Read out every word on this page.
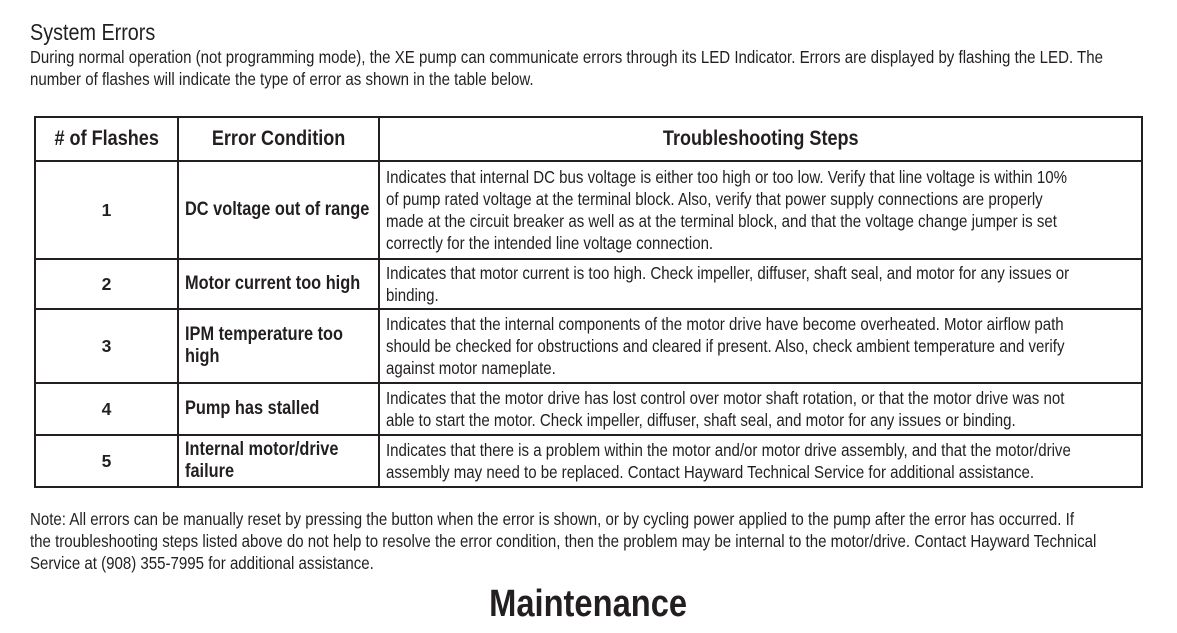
System Errors
During normal operation (not programming mode), the XE pump can communicate errors through its LED Indicator. Errors are displayed by flashing the LED. The
number of flashes will indicate the type of error as shown in the table below.
# of Flashes	Error Condition	Troubleshooting Steps
1	DC voltage out of range	Indicates that internal DC bus voltage is either too high or too low. Verify that line voltage is within 10%
of pump rated voltage at the terminal block. Also, verify that power supply connections are properly
made at the circuit breaker as well as at the terminal block, and that the voltage change jumper is set
correctly for the intended line voltage connection.

2	Motor current too high	Indicates that motor current is too high. Check impeller, diffuser, shaft seal, and motor for any issues or
binding.

3	IPM temperature too
high	Indicates that the internal components of the motor drive have become overheated. Motor airflow path
should be checked for obstructions and cleared if present. Also, check ambient temperature and verify
against motor nameplate.

4	Pump has stalled	Indicates that the motor drive has lost control over motor shaft rotation, or that the motor drive was not
able to start the motor. Check impeller, diffuser, shaft seal, and motor for any issues or binding.

5	Internal motor/drive
failure	Indicates that there is a problem within the motor and/or motor drive assembly, and that the motor/drive
assembly may need to be replaced. Contact Hayward Technical Service for additional assistance.
Note: All errors can be manually reset by pressing the button when the error is shown, or by cycling power applied to the pump after the error has occurred. If
the troubleshooting steps listed above do not help to resolve the error condition, then the problem may be internal to the motor/drive. Contact Hayward Technical
Service at (908) 355-7995 for additional assistance.
Maintenance
